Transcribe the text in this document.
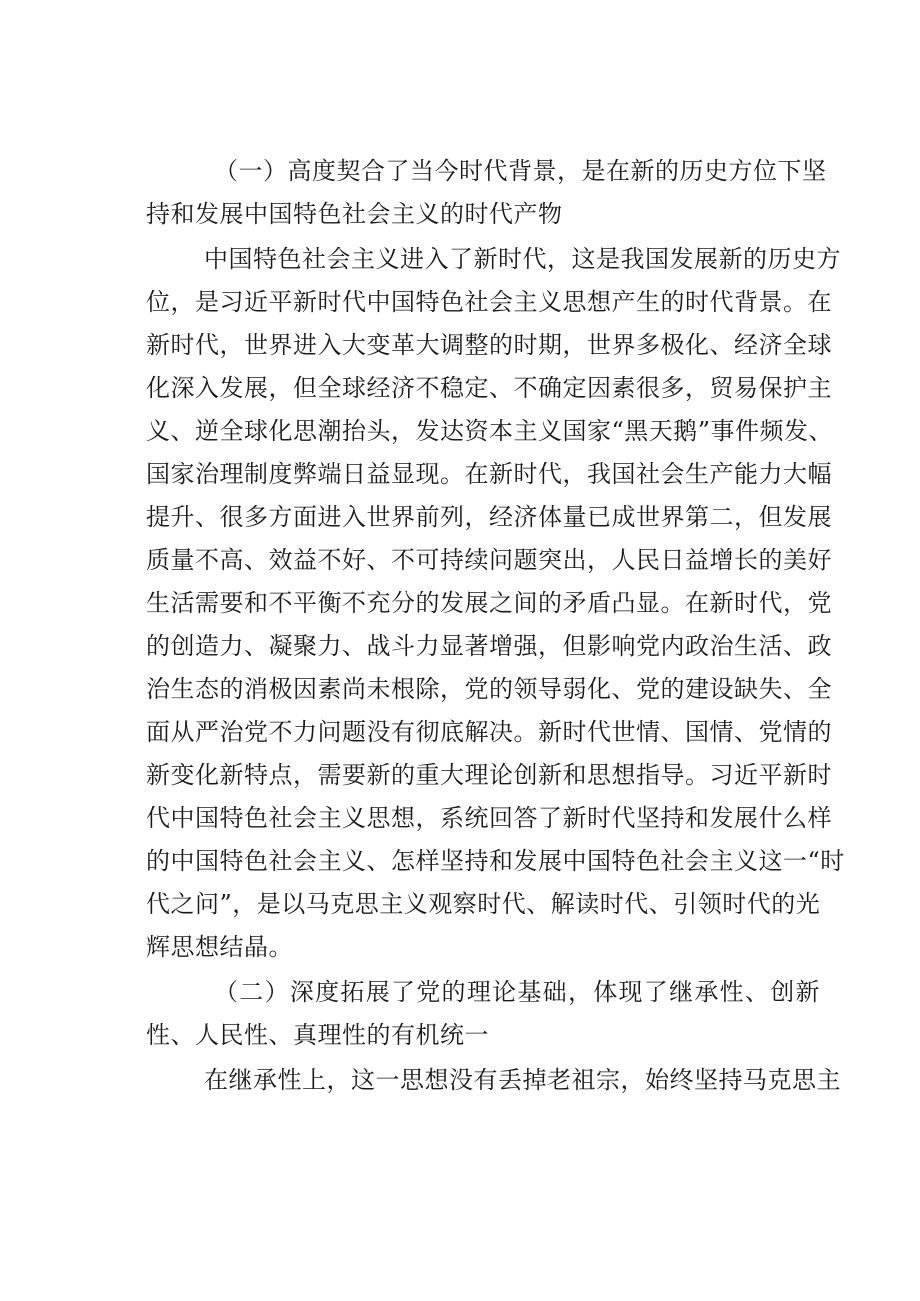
（一）高度契合了当今时代背景，是在新的历史方位下坚
持和发展中国特色社会主义的时代产物
中国特色社会主义进入了新时代，这是我国发展新的历史方
位，是习近平新时代中国特色社会主义思想产生的时代背景。在
新时代，世界进入大变革大调整的时期，世界多极化、经济全球
化深入发展，但全球经济不稳定、不确定因素很多，贸易保护主
义、逆全球化思潮抬头，发达资本主义国家“黑天鹅”事件频发、
国家治理制度弊端日益显现。在新时代，我国社会生产能力大幅
提升、很多方面进入世界前列，经济体量已成世界第二，但发展
质量不高、效益不好、不可持续问题突出，人民日益增长的美好
生活需要和不平衡不充分的发展之间的矛盾凸显。在新时代，党
的创造力、凝聚力、战斗力显著增强，但影响党内政治生活、政
治生态的消极因素尚未根除，党的领导弱化、党的建设缺失、全
面从严治党不力问题没有彻底解决。新时代世情、国情、党情的
新变化新特点，需要新的重大理论创新和思想指导。习近平新时
代中国特色社会主义思想，系统回答了新时代坚持和发展什么样
的中国特色社会主义、怎样坚持和发展中国特色社会主义这一“时
代之问”，是以马克思主义观察时代、解读时代、引领时代的光
辉思想结晶。
（二）深度拓展了党的理论基础，体现了继承性、创新
性、人民性、真理性的有机统一
在继承性上，这一思想没有丢掉老祖宗，始终坚持马克思主
